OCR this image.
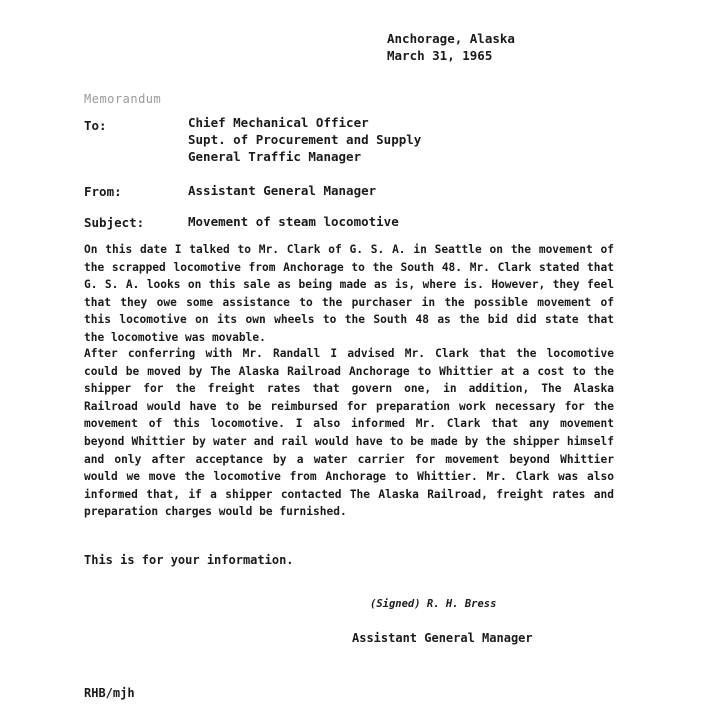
Anchorage, Alaska
March 31, 1965
Memorandum
To:	Chief Mechanical Officer
Supt. of Procurement and Supply
General Traffic Manager
From:	Assistant General Manager
Subject:	Movement of steam locomotive
On this date I talked to Mr. Clark of G. S. A. in Seattle on the movement of the scrapped locomotive from Anchorage to the South 48. Mr. Clark stated that G. S. A. looks on this sale as being made as is, where is. However, they feel that they owe some assistance to the purchaser in the possible movement of this locomotive on its own wheels to the South 48 as the bid did state that the locomotive was movable.
After conferring with Mr. Randall I advised Mr. Clark that the locomotive could be moved by The Alaska Railroad Anchorage to Whittier at a cost to the shipper for the freight rates that govern one, in addition, The Alaska Railroad would have to be reimbursed for preparation work necessary for the movement of this locomotive. I also informed Mr. Clark that any movement beyond Whittier by water and rail would have to be made by the shipper himself and only after acceptance by a water carrier for movement beyond Whittier would we move the locomotive from Anchorage to Whittier. Mr. Clark was also informed that, if a shipper contacted The Alaska Railroad, freight rates and preparation charges would be furnished.
This is for your information.
(Signed) R. H. Bress
Assistant General Manager
RHB/mjh
